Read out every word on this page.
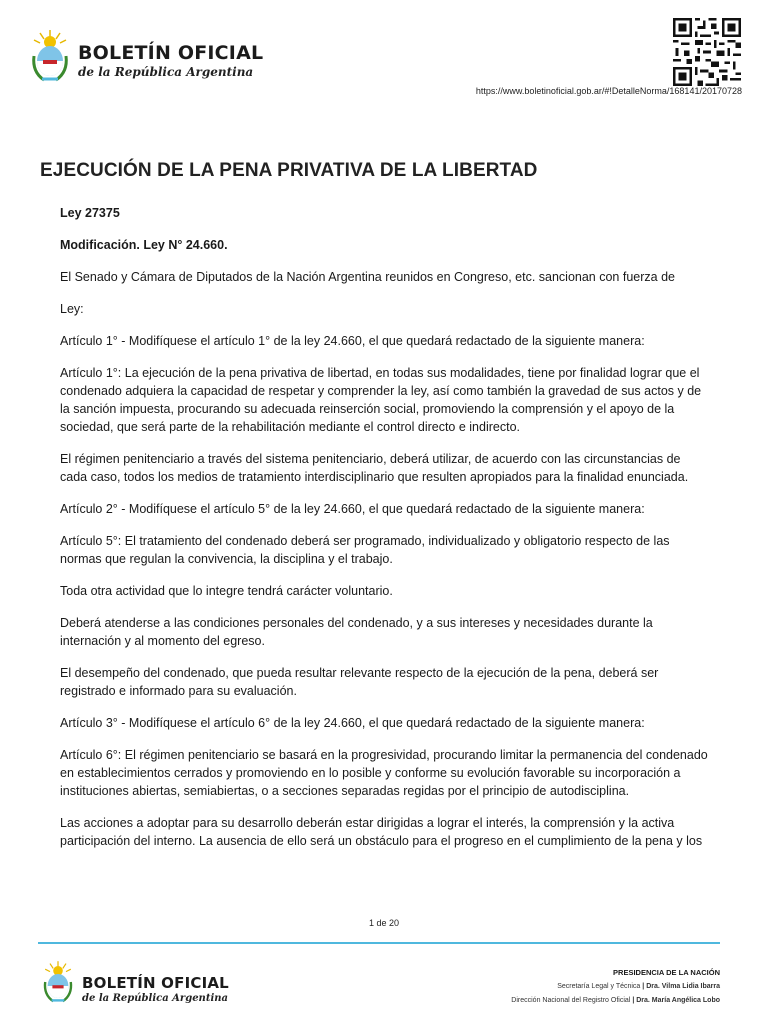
BOLETÍN OFICIAL
de la República Argentina
https://www.boletinoficial.gob.ar/#!DetalleNorma/168141/20170728
EJECUCIÓN DE LA PENA PRIVATIVA DE LA LIBERTAD

Ley 27375

Modificación. Ley N° 24.660.

El Senado y Cámara de Diputados de la Nación Argentina reunidos en Congreso, etc. sancionan con fuerza de

Ley:

Artículo 1° - Modifíquese el artículo 1° de la ley 24.660, el que quedará redactado de la siguiente manera:

Artículo 1°: La ejecución de la pena privativa de libertad, en todas sus modalidades, tiene por finalidad lograr que el condenado adquiera la capacidad de respetar y comprender la ley, así como también la gravedad de sus actos y de la sanción impuesta, procurando su adecuada reinserción social, promoviendo la comprensión y el apoyo de la sociedad, que será parte de la rehabilitación mediante el control directo e indirecto.

El régimen penitenciario a través del sistema penitenciario, deberá utilizar, de acuerdo con las circunstancias de cada caso, todos los medios de tratamiento interdisciplinario que resulten apropiados para la finalidad enunciada.

Artículo 2° - Modifíquese el artículo 5° de la ley 24.660, el que quedará redactado de la siguiente manera:

Artículo 5°: El tratamiento del condenado deberá ser programado, individualizado y obligatorio respecto de las normas que regulan la convivencia, la disciplina y el trabajo.

Toda otra actividad que lo integre tendrá carácter voluntario.

Deberá atenderse a las condiciones personales del condenado, y a sus intereses y necesidades durante la internación y al momento del egreso.

El desempeño del condenado, que pueda resultar relevante respecto de la ejecución de la pena, deberá ser registrado e informado para su evaluación.

Artículo 3° - Modifíquese el artículo 6° de la ley 24.660, el que quedará redactado de la siguiente manera:

Artículo 6°: El régimen penitenciario se basará en la progresividad, procurando limitar la permanencia del condenado en establecimientos cerrados y promoviendo en lo posible y conforme su evolución favorable su incorporación a instituciones abiertas, semiabiertas, o a secciones separadas regidas por el principio de autodisciplina.

Las acciones a adoptar para su desarrollo deberán estar dirigidas a lograr el interés, la comprensión y la activa participación del interno. La ausencia de ello será un obstáculo para el progreso en el cumplimiento de la pena y los

1 de 20
BOLETÍN OFICIAL
de la República Argentina
PRESIDENCIA DE LA NACIÓN
Secretaría Legal y Técnica | Dra. Vilma Lidia Ibarra
Dirección Nacional del Registro Oficial | Dra. María Angélica Lobo
